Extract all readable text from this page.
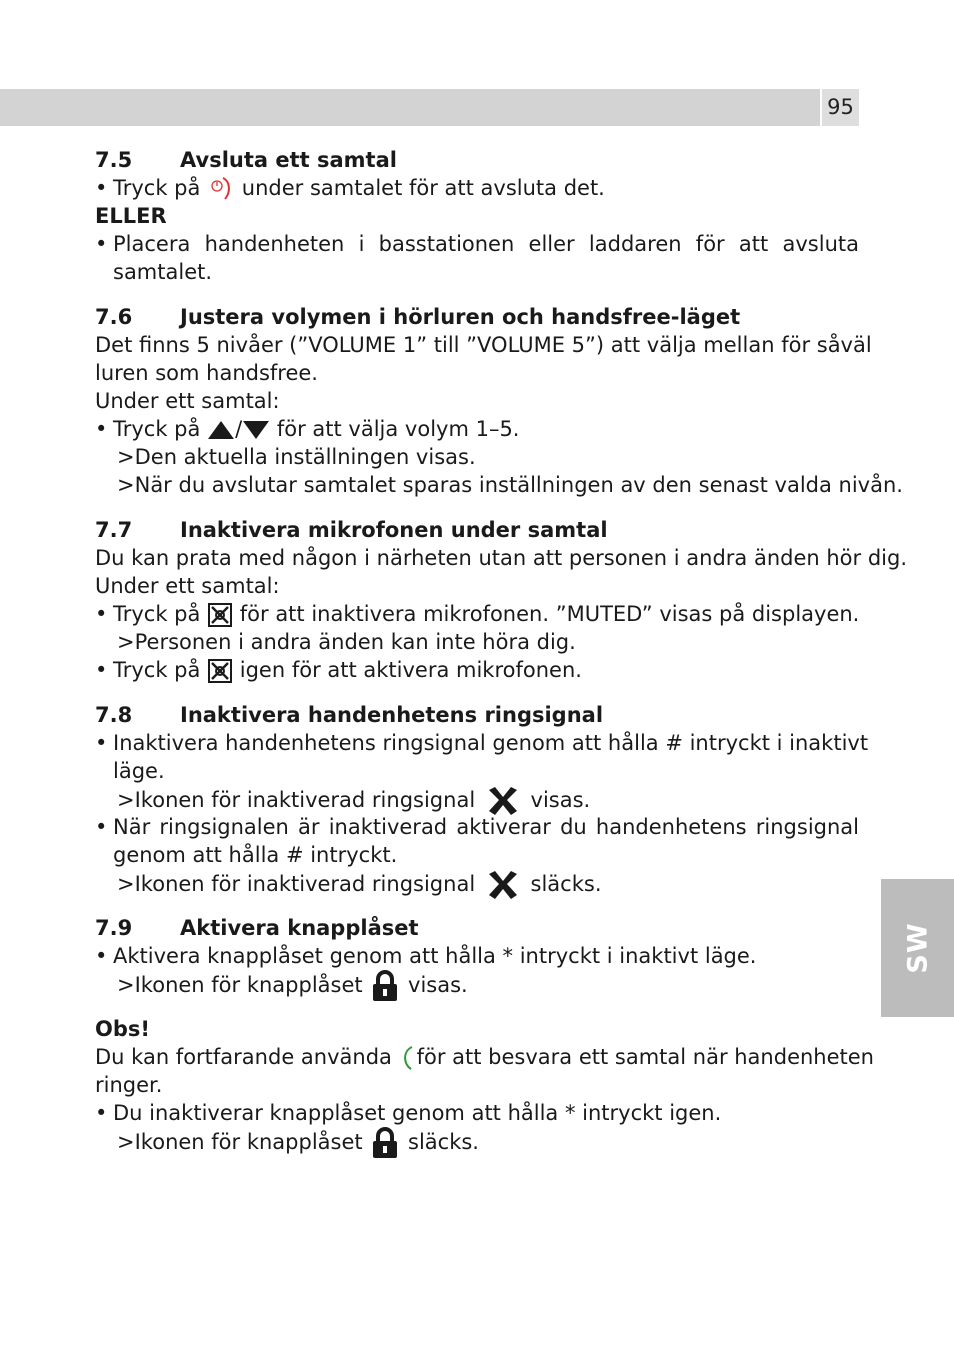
95
SW
7.5 Avsluta ett samtal
• Tryck på under samtalet för att avsluta det.
ELLER
• Placera handenheten i basstationen eller laddaren för att avsluta
samtalet.
7.6 Justera volymen i hörluren och handsfree-läget
Det finns 5 nivåer (”VOLUME 1” till ”VOLUME 5”) att välja mellan för såväl
luren som handsfree.
Under ett samtal:
• Tryck på / för att välja volym 1–5.
> Den aktuella inställningen visas.
> När du avslutar samtalet sparas inställningen av den senast valda nivån.
7.7 Inaktivera mikrofonen under samtal
Du kan prata med någon i närheten utan att personen i andra änden hör dig.
Under ett samtal:
• Tryck på för att inaktivera mikrofonen. ”MUTED” visas på displayen.
> Personen i andra änden kan inte höra dig.
• Tryck på igen för att aktivera mikrofonen.
7.8 Inaktivera handenhetens ringsignal
• Inaktivera handenhetens ringsignal genom att hålla # intryckt i inaktivt
läge.
> Ikonen för inaktiverad ringsignal	visas.
• När ringsignalen är inaktiverad aktiverar du handenhetens ringsignal
genom att hålla # intryckt.
> Ikonen för inaktiverad ringsignal	släcks.
7.9 Aktivera knapplåset
• Aktivera knapplåset genom att hålla * intryckt i inaktivt läge.
> Ikonen för knapplåset visas.
Obs!
Du kan fortfarande använda för att besvara ett samtal när handenheten
ringer.
• Du inaktiverar knapplåset genom att hålla * intryckt igen.
> Ikonen för knapplåset släcks.
